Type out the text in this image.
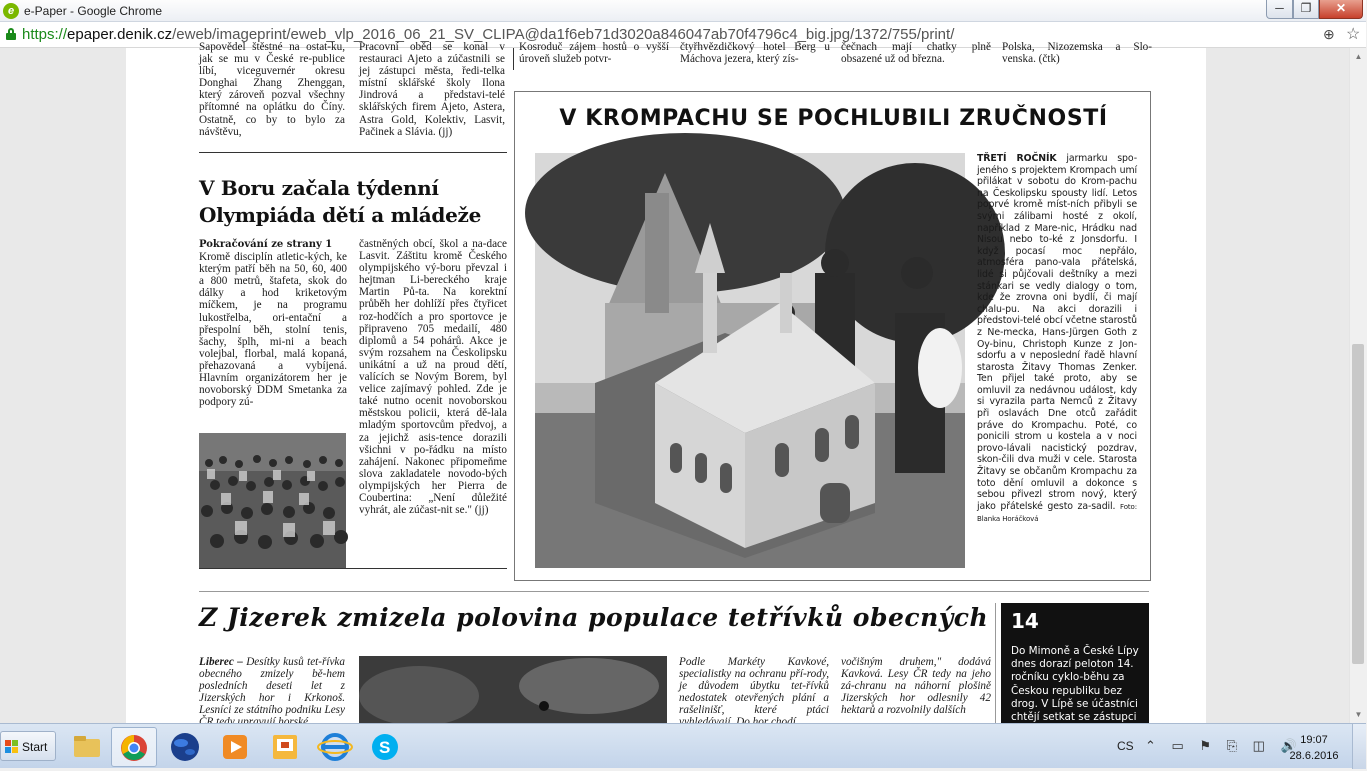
e e-Paper - Google Chrome	─	❐	✕
https://epaper.denik.cz/eweb/imageprint/eweb_vlp_2016_06_21_SV_CLIPA@da1f6eb71d3020a846047ab70f4796c4_big.jpg/1372/755/print/	⊕ ☆
Sapovědel štěstné na ostat-ku, jak se mu v České re-publice líbí, viceguvernér okresu Donghai Zhang Zhenggan, který zároveň pozval všechny přítomné na oplátku do Číny. Ostatně, co by to bylo za návštěvu,
Pracovní oběd se konal v restauraci Ajeto a zúčastnili se jej zástupci města, ředi-telka místní sklářské školy Ilona Jindrová a představi-telé sklářských firem Ajeto, Astera, Astra Gold, Kolektiv, Lasvit, Pačinek a Slávia. (jj)
Kosroduč zájem hostů o vyšší úroveň služeb potvr-
čtyřhvězdičkový hotel Berg u Máchova jezera, který zís-
čečnach mají chatky plně obsazené už od března.
Polska, Nizozemska a Slo-venska. (čtk)
V Boru začala týdenní Olympiáda dětí a mládeže
Pokračování ze strany 1
Kromě disciplín atletic-kých, ke kterým patří běh na 50, 60, 400 a 800 metrů, štafeta, skok do dálky a hod kriketovým míčkem, je na programu lukostřelba, ori-entační a přespolní běh, stolní tenis, šachy, šplh, mi-ni a beach volejbal, florbal, malá kopaná, přehazovaná a vybíjená. Hlavním organizátorem her je novoborský DDM Smetanka za podpory zú-
častněných obcí, škol a na-dace Lasvit. Záštitu kromě Českého olympijského vý-boru převzal i hejtman Li-bereckého kraje Martin Pů-ta. Na korektní průběh her dohlíží přes čtyřicet roz-hodčích a pro sportovce je připraveno 705 medailí, 480 diplomů a 54 pohárů. Akce je svým rozsahem na Českolipsku unikátní a už na proud dětí, valících se Novým Borem, byl velice zajímavý pohled. Zde je také nutno ocenit novoborskou městskou policii, která dě-lala mladým sportovcům předvoj, a za jejichž asis-tence dorazili všichni v po-řádku na místo zahájení. Nakonec připomeňme slova zakladatele novodo-bých olympijských her Pierra de Coubertina: „Není důležité vyhrát, ale zúčast-nit se." (jj)
V KROMPACHU SE POCHLUBILI ZRUČNOSTÍ
TŘETÍ ROČNÍK jarmarku spo-jeného s projektem Krompach umí přilákat v sobotu do Krom-pachu na Českolipsku spousty lidí. Letos poprvé kromě míst-ních přibyli se svými zálibami hosté z okolí, například z Mare-nic, Hrádku nad Nisou nebo to-ké z Jonsdorfu. I když pocasí moc nepřálo, atmosféra pano-vala přátelská, lidé si půjčovali deštníky a mezi stánkari se vedly dialogy o tom, kde že zrovna oni bydlí, či mají chalu-pu. Na akci dorazili i předstovi-telé obcí včetne starostů z Ne-mecka, Hans-Jürgen Goth z Oy-binu, Christoph Kunze z Jon-sdorfu a v neposlední řadě hlavní starosta Žitavy Thomas Zenker. Ten přijel také proto, aby se omluvil za nedávnou událost, kdy si vyrazila parta Nemců z Žitavy při oslavách Dne otců zařádit práve do Krompachu. Poté, co ponicili strom u kostela a v noci provo-lávali nacistický pozdrav, skon-čili dva muži v cele. Starosta Žitavy se občanům Krompachu za toto dění omluvil a dokonce s sebou přivezl strom nový, který jako přátelské gesto za-sadil. Foto: Blanka Horáčková
Z Jizerek zmizela polovina populace tetřívků obecných
Liberec – Desítky kusů tet-řívka obecného zmizely bě-hem posledních deseti let z Jizerských hor i Krkonoš. Lesníci ze státního podniku Lesy
Podle Markéty Kavkové, specialistky na ochranu pří-rody, je důvodem úbytku tet-řívků nedostatek otevřených plání a rašelinišť, které ptáci
vočišným druhem," dodává Kavková. Lesy ČR tedy na jeho zá-chranu na náhorní plošině Jizerských hor odlesnily 42 hektarů a rozvolnily dalších
14
Do Mimoně a České Lípy dnes dorazí peloton 14. ročníku cyklo-běhu za Českou republiku bez drog. V Lípě se účastníci chtějí setkat se zástupci
▲
▼
Start	S	CS ⌃ ▭ ⚑ ⎘ ◫ 🔊
19:07
28.6.2016
